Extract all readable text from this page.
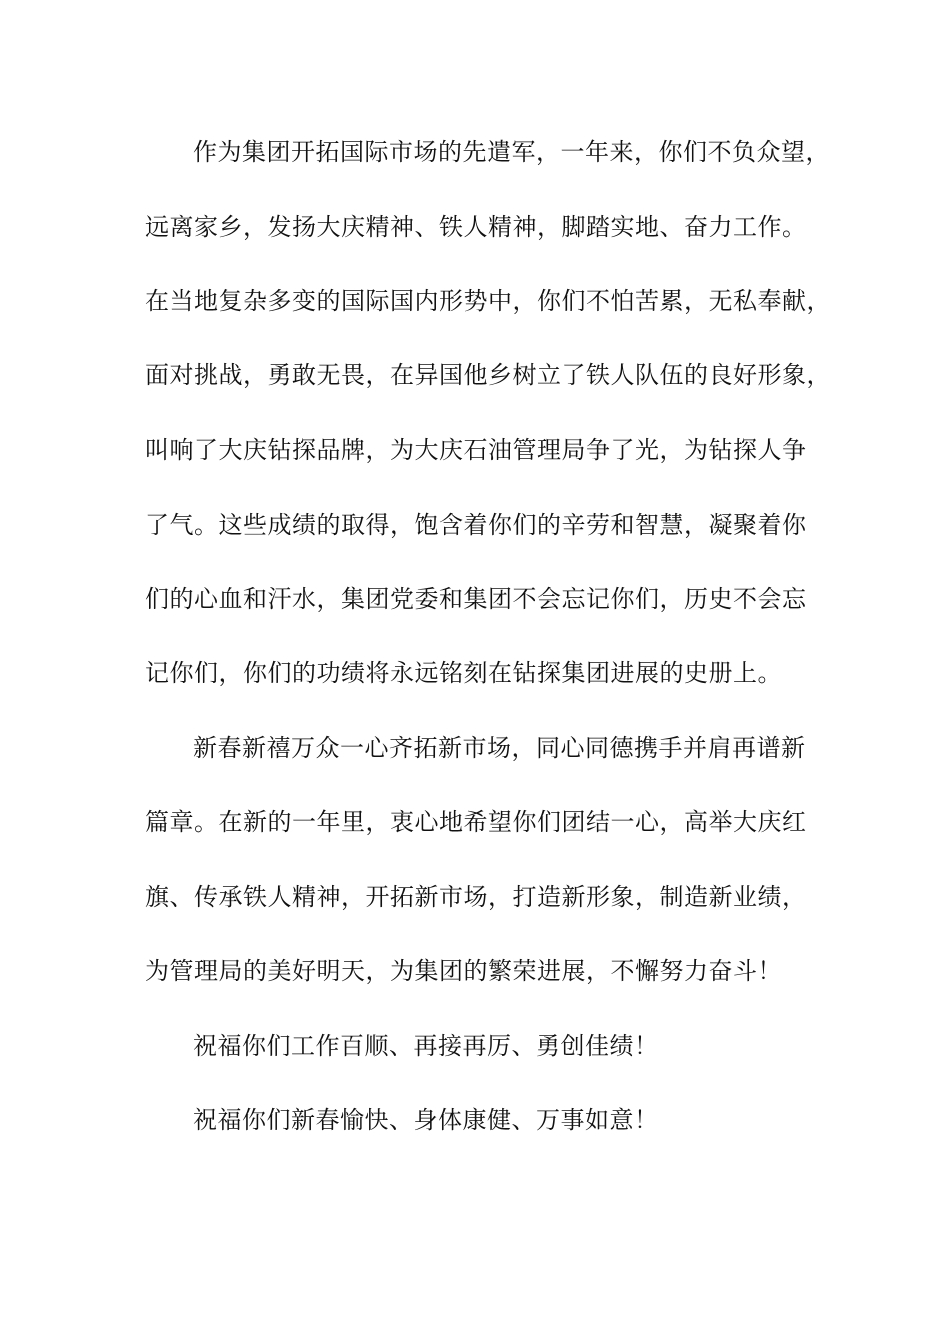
作为集团开拓国际市场的先遣军，一年来，你们不负众望，
远离家乡，发扬大庆精神、铁人精神，脚踏实地、奋力工作。
在当地复杂多变的国际国内形势中，你们不怕苦累，无私奉献，
面对挑战，勇敢无畏，在异国他乡树立了铁人队伍的良好形象，
叫响了大庆钻探品牌，为大庆石油管理局争了光，为钻探人争
了气。这些成绩的取得，饱含着你们的辛劳和智慧，凝聚着你
们的心血和汗水，集团党委和集团不会忘记你们，历史不会忘
记你们，你们的功绩将永远铭刻在钻探集团进展的史册上。
新春新禧万众一心齐拓新市场，同心同德携手并肩再谱新
篇章。在新的一年里，衷心地希望你们团结一心，高举大庆红
旗、传承铁人精神，开拓新市场，打造新形象，制造新业绩，
为管理局的美好明天，为集团的繁荣进展，不懈努力奋斗！
祝福你们工作百顺、再接再厉、勇创佳绩！
祝福你们新春愉快、身体康健、万事如意！
